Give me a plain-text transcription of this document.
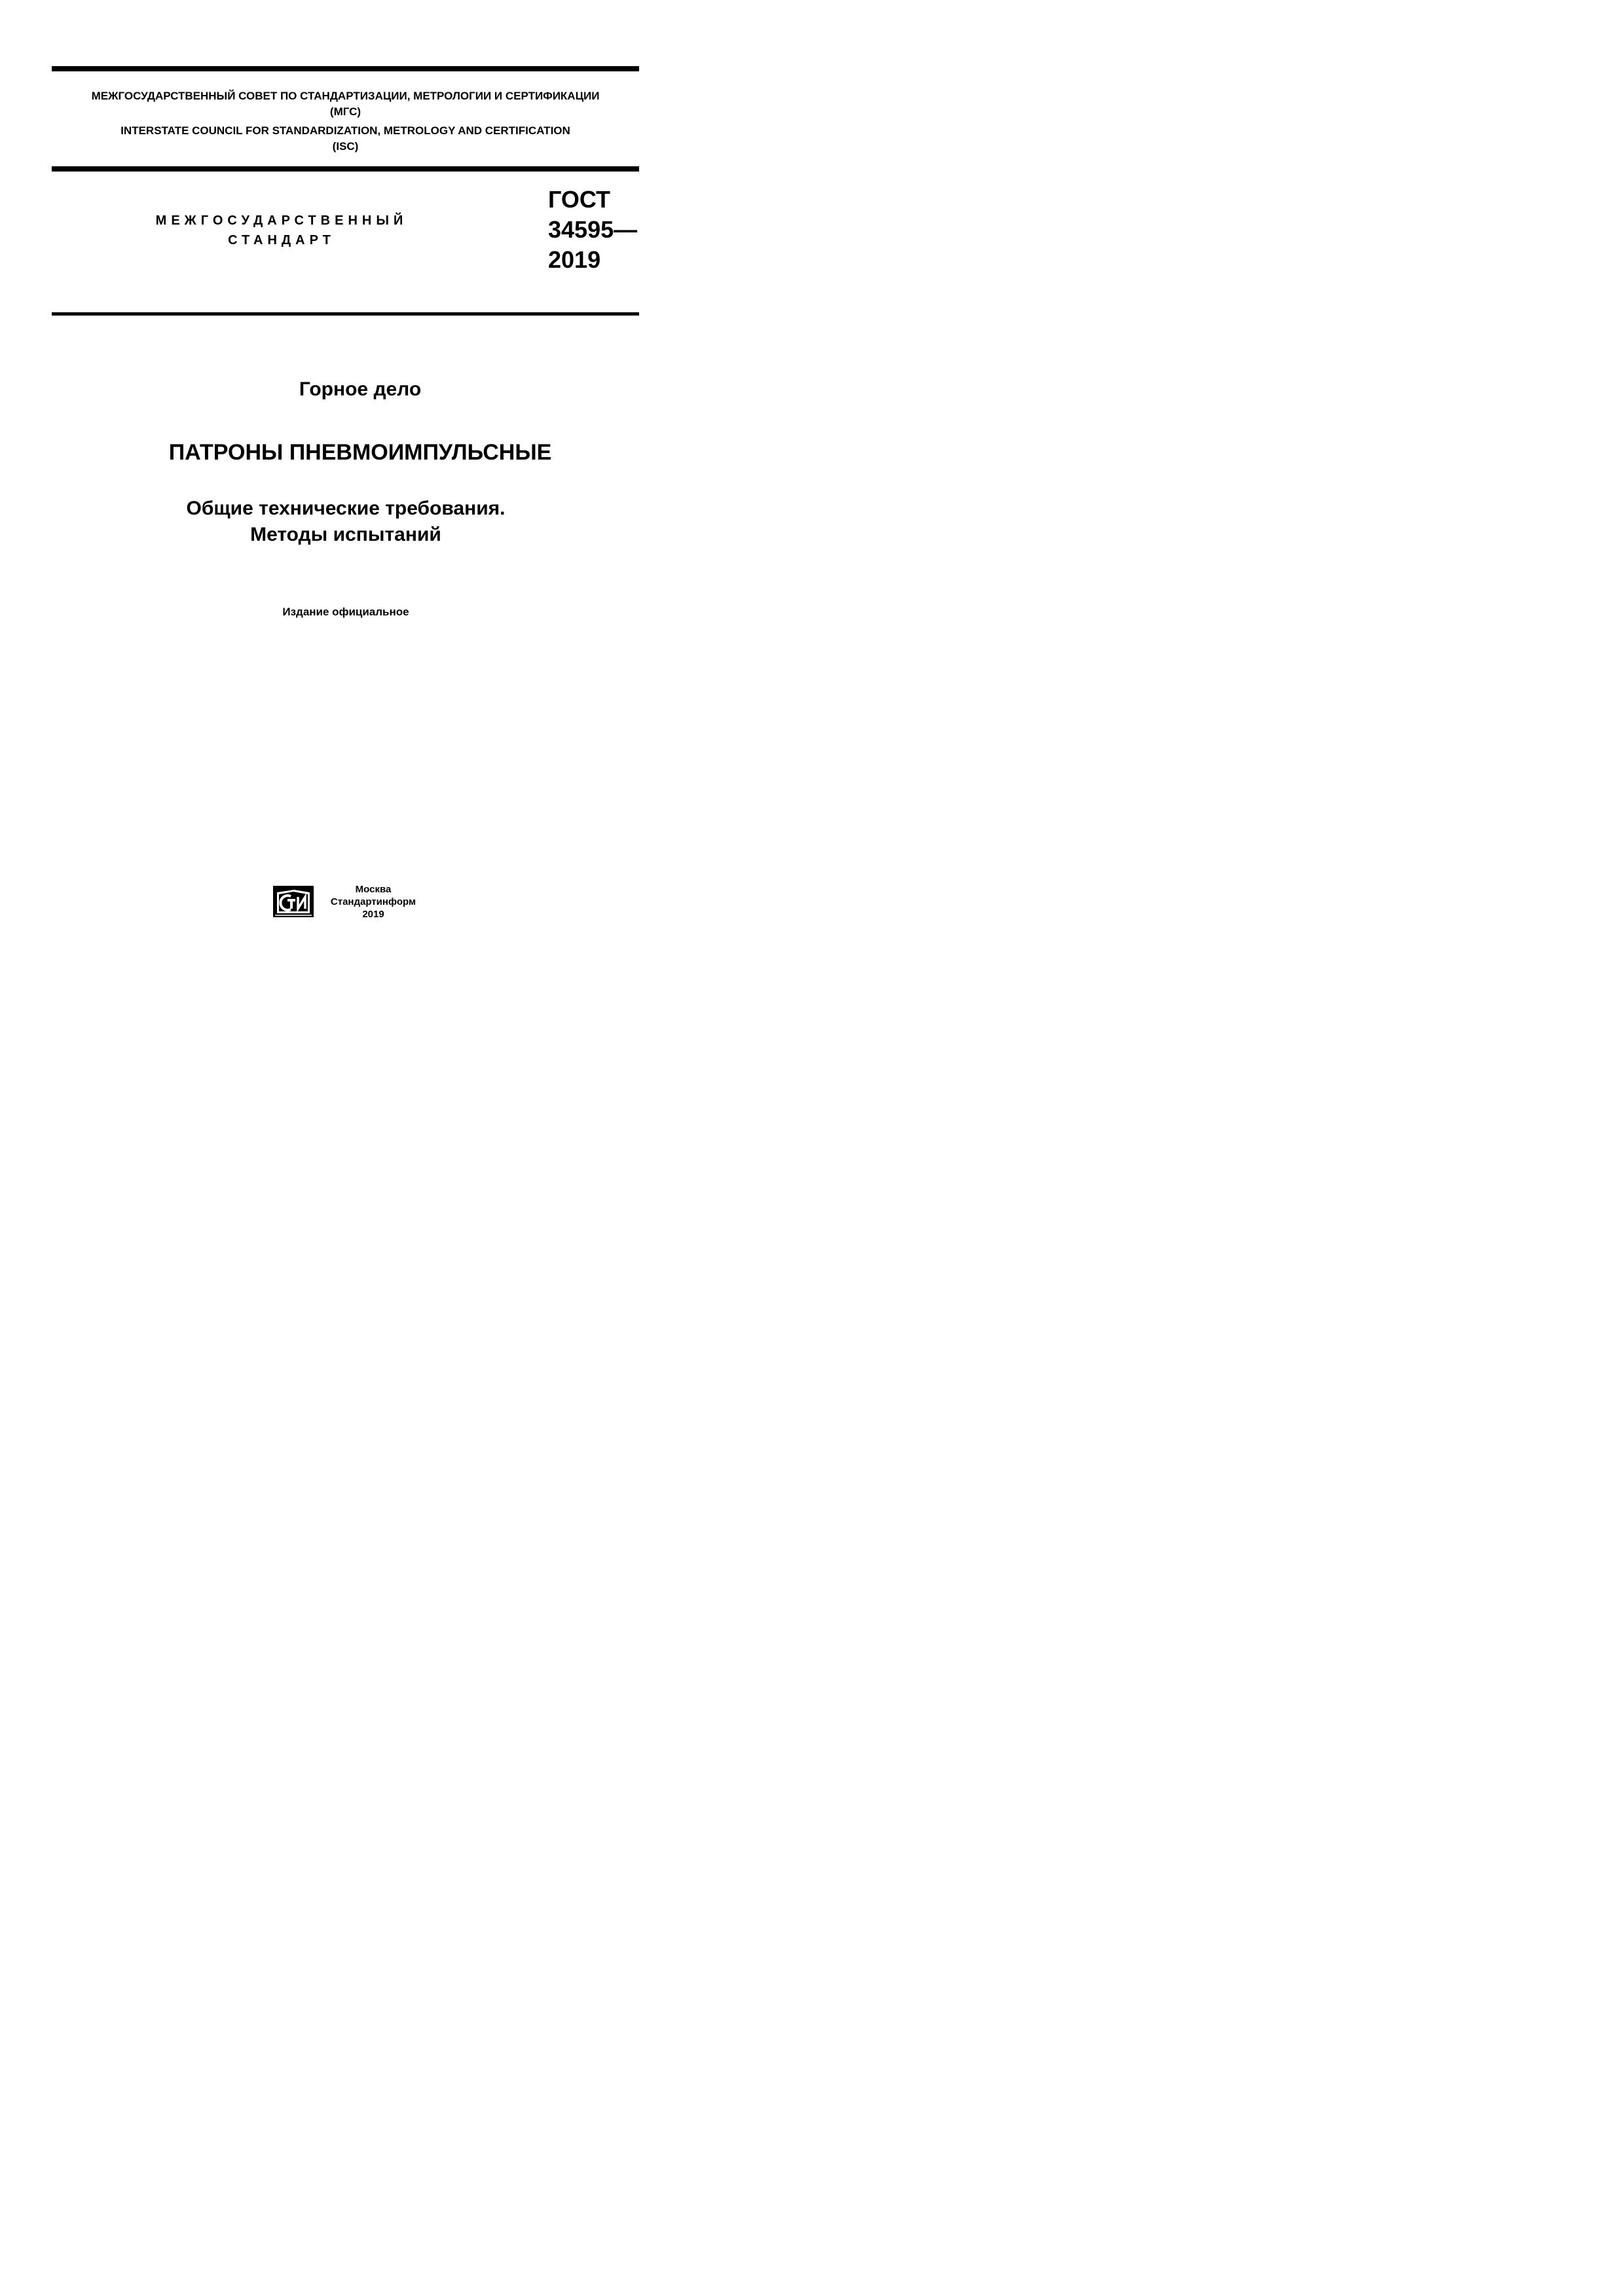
МЕЖГОСУДАРСТВЕННЫЙ СОВЕТ ПО СТАНДАРТИЗАЦИИ, МЕТРОЛОГИИ И СЕРТИФИКАЦИИ
(МГС)
INTERSTATE COUNCIL FOR STANDARDIZATION, METROLOGY AND CERTIFICATION
(ISC)
МЕЖГОСУДАРСТВЕННЫЙ
СТАНДАРТ
ГОСТ
34595—
2019
Горное дело
ПАТРОНЫ ПНЕВМОИМПУЛЬСНЫЕ
Общие технические требования.
Методы испытаний
Издание официальное
Москва
Стандартинформ
2019
